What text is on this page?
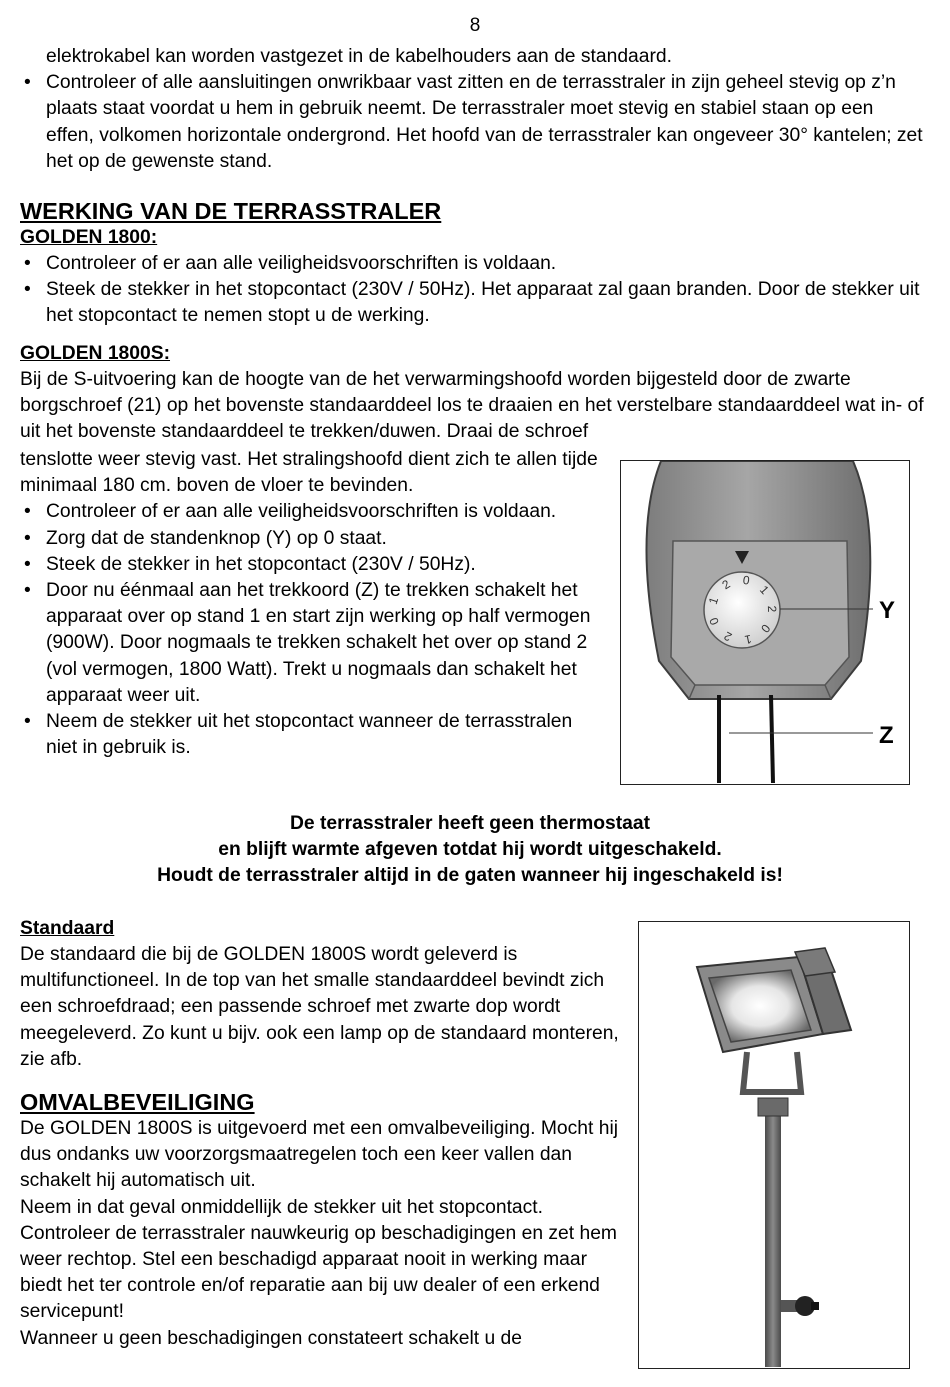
8

elektrokabel kan worden vastgezet in de kabelhouders aan de standaard.

• Controleer of alle aansluitingen onwrikbaar vast zitten en de terrasstraler in zijn geheel stevig op z’n plaats staat voordat u hem in gebruik neemt. De terrasstraler moet stevig en stabiel staan op een effen, volkomen horizontale ondergrond. Het hoofd van de terrasstraler kan ongeveer 30° kantelen; zet het op de gewenste stand.
WERKING VAN DE TERRASSTRALER
GOLDEN 1800:
• Controleer of er aan alle veiligheidsvoorschriften is voldaan.
• Steek de stekker in het stopcontact (230V / 50Hz). Het apparaat zal gaan branden. Door de stekker uit het stopcontact te nemen stopt u de werking.
GOLDEN 1800S:

Bij de S-uitvoering kan de hoogte van de het verwarmingshoofd worden bijgesteld door de zwarte borgschroef (21) op het bovenste standaarddeel los te draaien en het verstelbare standaarddeel wat in- of uit het bovenste standaarddeel te trekken/duwen. Draai de schroef

tenslotte weer stevig vast. Het stralingshoofd dient zich te allen tijde minimaal 180 cm. boven de vloer te bevinden.

• Controleer of er aan alle veiligheidsvoorschriften is voldaan.
• Zorg dat de standenknop (Y) op 0 staat.
• Steek de stekker in het stopcontact (230V / 50Hz).
• Door nu éénmaal aan het trekkoord (Z) te trekken schakelt het apparaat over op stand 1 en start zijn werking op half vermogen (900W). Door nogmaals te trekken schakelt het over op stand 2 (vol vermogen, 1800 Watt). Trekt u nogmaals dan schakelt het apparaat weer uit.
• Neem de stekker uit het stopcontact wanneer de terrasstralen niet in gebruik is.
0
1
2 0
1
2
0
1
2
Y
Z
De terrasstraler heeft geen thermostaat
en blijft warmte afgeven totdat hij wordt uitgeschakeld.
Houdt de terrasstraler altijd in de gaten wanneer hij ingeschakeld is!
Standaard

De standaard die bij de GOLDEN 1800S wordt geleverd is multifunctioneel. In de top van het smalle standaarddeel bevindt zich een schroefdraad; een passende schroef met zwarte dop wordt meegeleverd. Zo kunt u bijv. ook een lamp op de standaard monteren, zie afb.

OMVALBEVEILIGING

De GOLDEN 1800S is uitgevoerd met een omvalbeveiliging. Mocht hij dus ondanks uw voorzorgsmaatregelen toch een keer vallen dan schakelt hij automatisch uit.

Neem in dat geval onmiddellijk de stekker uit het stopcontact. Controleer de terrasstraler nauwkeurig op beschadigingen en zet hem weer rechtop. Stel een beschadigd apparaat nooit in werking maar biedt het ter controle en/of reparatie aan bij uw dealer of een erkend servicepunt!

Wanneer u geen beschadigingen constateert schakelt u de
